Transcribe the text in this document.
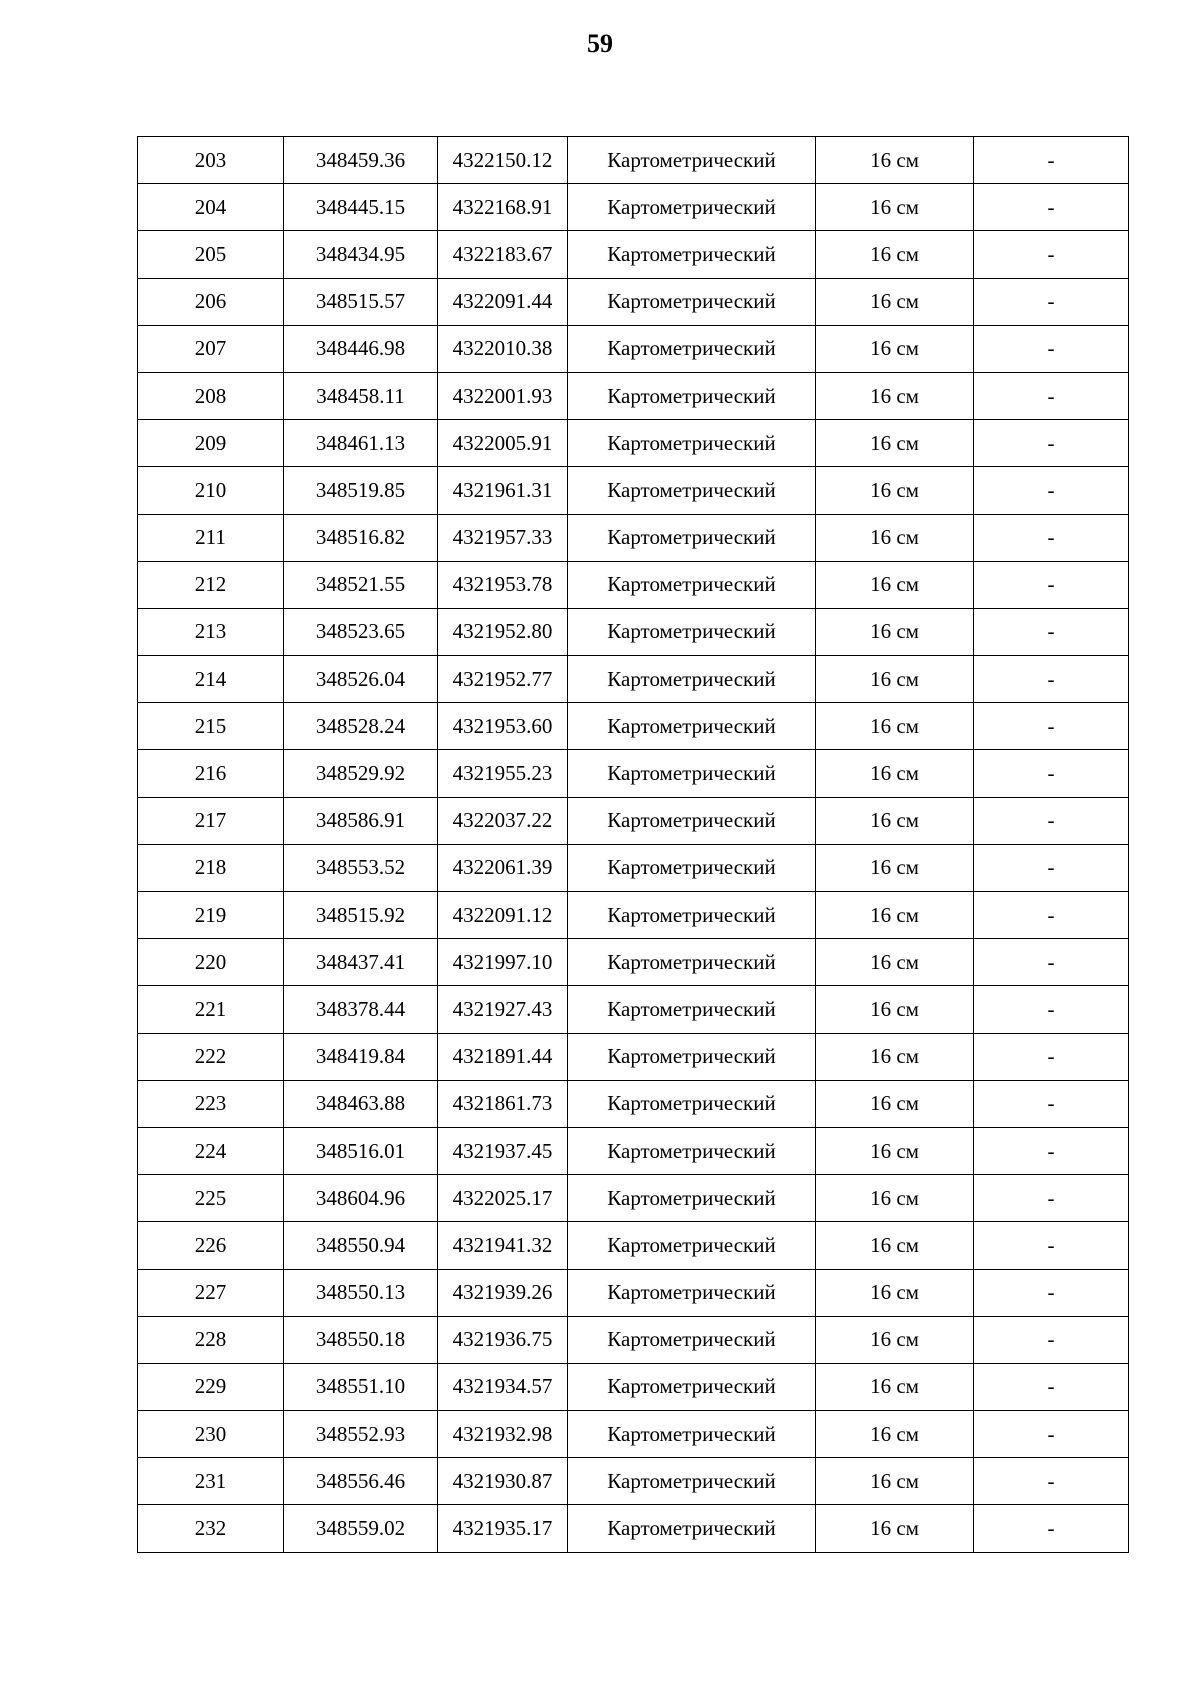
59
203	348459.36	4322150.12	Картометрический	16 см	-
204	348445.15	4322168.91	Картометрический	16 см	-
205	348434.95	4322183.67	Картометрический	16 см	-
206	348515.57	4322091.44	Картометрический	16 см	-
207	348446.98	4322010.38	Картометрический	16 см	-
208	348458.11	4322001.93	Картометрический	16 см	-
209	348461.13	4322005.91	Картометрический	16 см	-
210	348519.85	4321961.31	Картометрический	16 см	-
211	348516.82	4321957.33	Картометрический	16 см	-
212	348521.55	4321953.78	Картометрический	16 см	-
213	348523.65	4321952.80	Картометрический	16 см	-
214	348526.04	4321952.77	Картометрический	16 см	-
215	348528.24	4321953.60	Картометрический	16 см	-
216	348529.92	4321955.23	Картометрический	16 см	-
217	348586.91	4322037.22	Картометрический	16 см	-
218	348553.52	4322061.39	Картометрический	16 см	-
219	348515.92	4322091.12	Картометрический	16 см	-
220	348437.41	4321997.10	Картометрический	16 см	-
221	348378.44	4321927.43	Картометрический	16 см	-
222	348419.84	4321891.44	Картометрический	16 см	-
223	348463.88	4321861.73	Картометрический	16 см	-
224	348516.01	4321937.45	Картометрический	16 см	-
225	348604.96	4322025.17	Картометрический	16 см	-
226	348550.94	4321941.32	Картометрический	16 см	-
227	348550.13	4321939.26	Картометрический	16 см	-
228	348550.18	4321936.75	Картометрический	16 см	-
229	348551.10	4321934.57	Картометрический	16 см	-
230	348552.93	4321932.98	Картометрический	16 см	-
231	348556.46	4321930.87	Картометрический	16 см	-
232	348559.02	4321935.17	Картометрический	16 см	-
